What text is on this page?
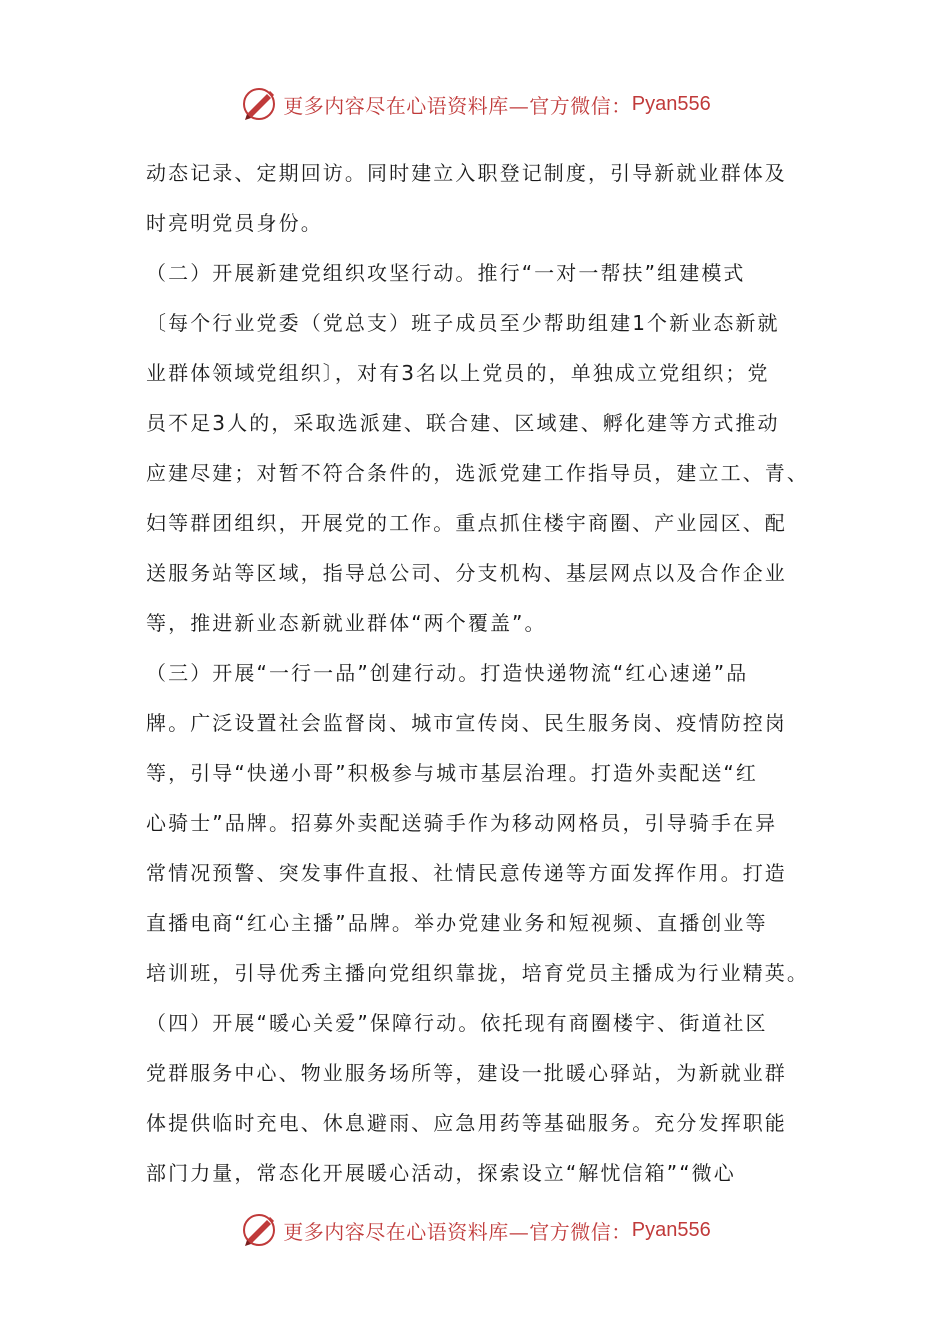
更多内容尽在心语资料库—官方微信： Pyan556
动态记录、定期回访。同时建立入职登记制度，引导新就业群体及
时亮明党员身份。
（二）开展新建党组织攻坚行动。推行“一对一帮扶”组建模式
〔每个行业党委（党总支）班子成员至少帮助组建1个新业态新就
业群体领域党组织〕，对有3名以上党员的，单独成立党组织；党
员不足3人的，采取选派建、联合建、区域建、孵化建等方式推动
应建尽建；对暂不符合条件的，选派党建工作指导员，建立工、青、
妇等群团组织，开展党的工作。重点抓住楼宇商圈、产业园区、配
送服务站等区域，指导总公司、分支机构、基层网点以及合作企业
等，推进新业态新就业群体“两个覆盖”。
（三）开展“一行一品”创建行动。打造快递物流“红心速递”品
牌。广泛设置社会监督岗、城市宣传岗、民生服务岗、疫情防控岗
等，引导“快递小哥”积极参与城市基层治理。打造外卖配送“红
心骑士”品牌。招募外卖配送骑手作为移动网格员，引导骑手在异
常情况预警、突发事件直报、社情民意传递等方面发挥作用。打造
直播电商“红心主播”品牌。举办党建业务和短视频、直播创业等
培训班，引导优秀主播向党组织靠拢，培育党员主播成为行业精英。
（四）开展“暖心关爱”保障行动。依托现有商圈楼宇、街道社区
党群服务中心、物业服务场所等，建设一批暖心驿站，为新就业群
体提供临时充电、休息避雨、应急用药等基础服务。充分发挥职能
部门力量，常态化开展暖心活动，探索设立“解忧信箱”“微心
更多内容尽在心语资料库—官方微信： Pyan556
